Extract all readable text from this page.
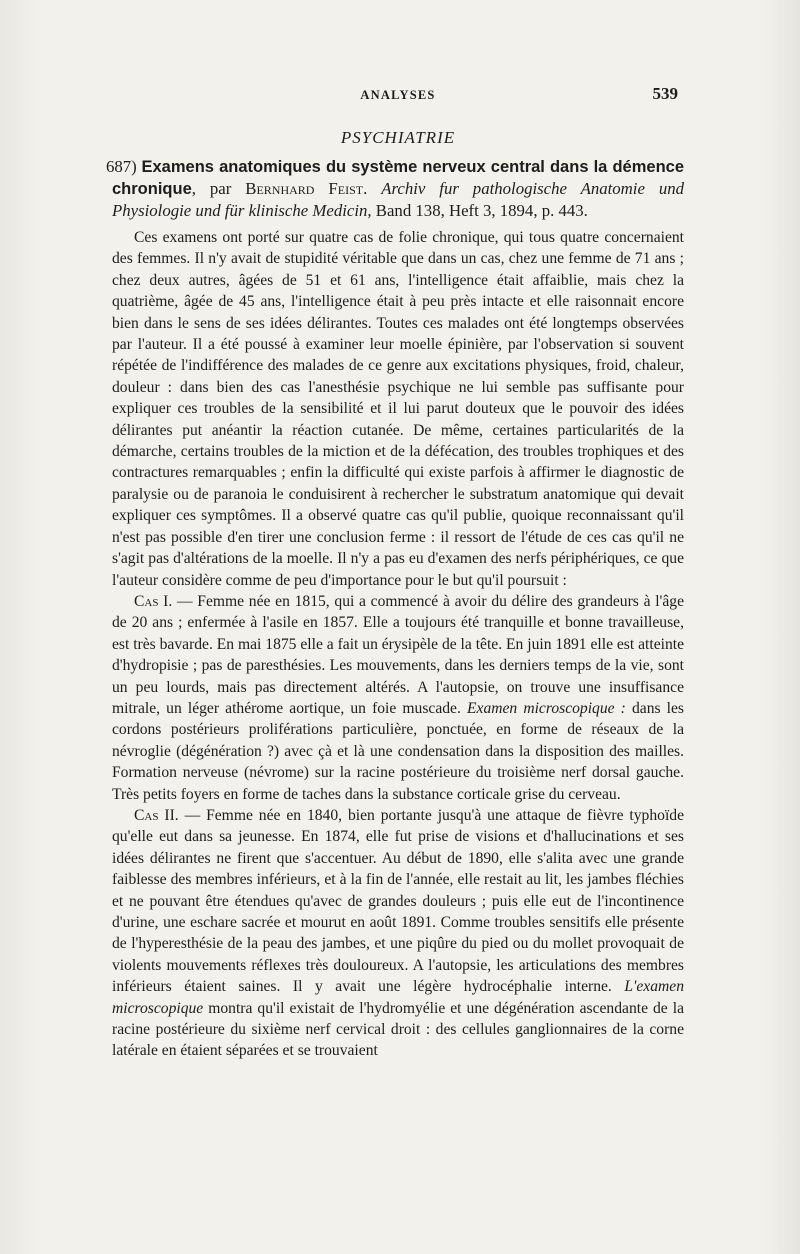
ANALYSES	539
PSYCHIATRIE

687) Examens anatomiques du système nerveux central dans la démence chronique, par Bernhard Feist. Archiv fur pathologische Anatomie und Physiologie und für klinische Medicin, Band 138, Heft 3, 1894, p. 443.

Ces examens ont porté sur quatre cas de folie chronique, qui tous quatre concernaient des femmes. Il n'y avait de stupidité véritable que dans un cas, chez une femme de 71 ans ; chez deux autres, âgées de 51 et 61 ans, l'intelligence était affaiblie, mais chez la quatrième, âgée de 45 ans, l'intelligence était à peu près intacte et elle raisonnait encore bien dans le sens de ses idées délirantes. Toutes ces malades ont été longtemps observées par l'auteur. Il a été poussé à examiner leur moelle épinière, par l'observation si souvent répétée de l'indifférence des malades de ce genre aux excitations physiques, froid, chaleur, douleur : dans bien des cas l'anesthésie psychique ne lui semble pas suffisante pour expliquer ces troubles de la sensibilité et il lui parut douteux que le pouvoir des idées délirantes put anéantir la réaction cutanée. De même, certaines particularités de la démarche, certains troubles de la miction et de la défécation, des troubles trophiques et des contractures remarquables ; enfin la difficulté qui existe parfois à affirmer le diagnostic de paralysie ou de paranoia le conduisirent à rechercher le substratum anatomique qui devait expliquer ces symptômes. Il a observé quatre cas qu'il publie, quoique reconnaissant qu'il n'est pas possible d'en tirer une conclusion ferme : il ressort de l'étude de ces cas qu'il ne s'agit pas d'altérations de la moelle. Il n'y a pas eu d'examen des nerfs périphériques, ce que l'auteur considère comme de peu d'importance pour le but qu'il poursuit :

Cas I. — Femme née en 1815, qui a commencé à avoir du délire des grandeurs à l'âge de 20 ans ; enfermée à l'asile en 1857. Elle a toujours été tranquille et bonne travailleuse, est très bavarde. En mai 1875 elle a fait un érysipèle de la tête. En juin 1891 elle est atteinte d'hydropisie ; pas de paresthésies. Les mouvements, dans les derniers temps de la vie, sont un peu lourds, mais pas directement altérés. A l'autopsie, on trouve une insuffisance mitrale, un léger athérome aortique, un foie muscade. Examen microscopique : dans les cordons postérieurs proliférations particulière, ponctuée, en forme de réseaux de la névroglie (dégénération ?) avec çà et là une condensation dans la disposition des mailles. Formation nerveuse (névrome) sur la racine postérieure du troisième nerf dorsal gauche. Très petits foyers en forme de taches dans la substance corticale grise du cerveau.

Cas II. — Femme née en 1840, bien portante jusqu'à une attaque de fièvre typhoïde qu'elle eut dans sa jeunesse. En 1874, elle fut prise de visions et d'hallucinations et ses idées délirantes ne firent que s'accentuer. Au début de 1890, elle s'alita avec une grande faiblesse des membres inférieurs, et à la fin de l'année, elle restait au lit, les jambes fléchies et ne pouvant être étendues qu'avec de grandes douleurs ; puis elle eut de l'incontinence d'urine, une eschare sacrée et mourut en août 1891. Comme troubles sensitifs elle présente de l'hyperesthésie de la peau des jambes, et une piqûre du pied ou du mollet provoquait de violents mouvements réflexes très douloureux. A l'autopsie, les articulations des membres inférieurs étaient saines. Il y avait une légère hydrocéphalie interne. L'examen microscopique montra qu'il existait de l'hydromyélie et une dégénération ascendante de la racine postérieure du sixième nerf cervical droit : des cellules ganglionnaires de la corne latérale en étaient séparées et se trouvaient
